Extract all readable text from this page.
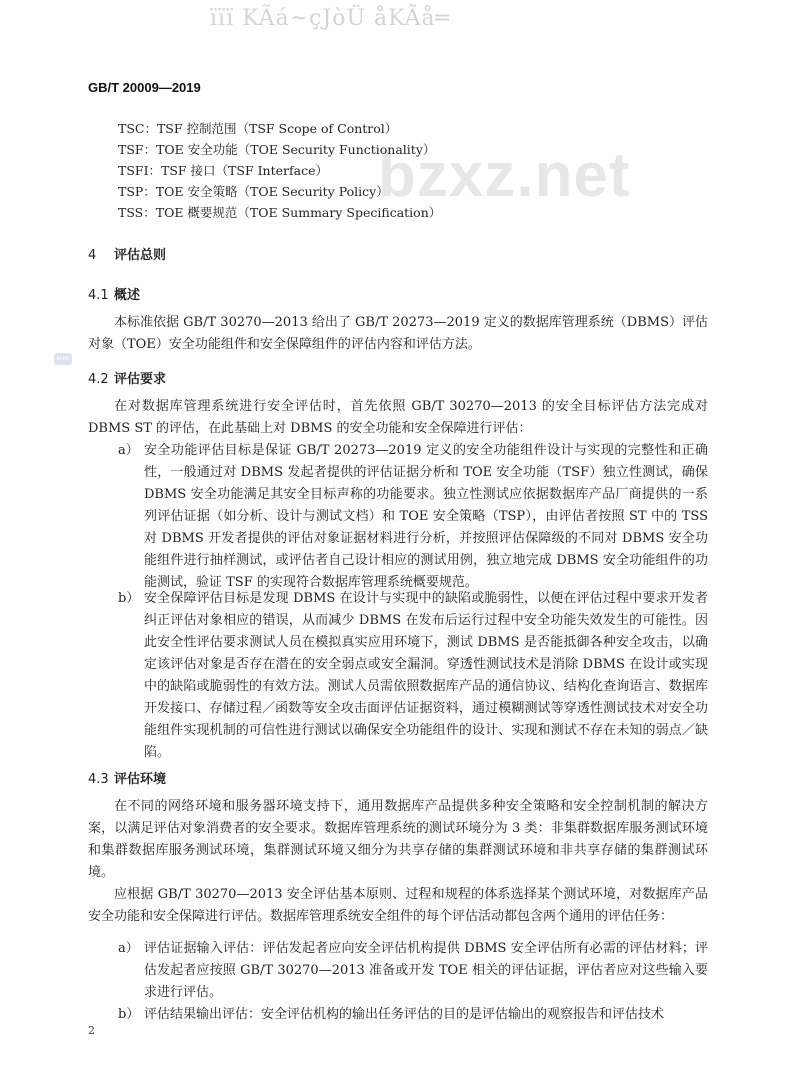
ïïï KÃá~çJòÜ åKÃå═
GB/T 20009—2019
bzxz.net
scnc
TSC：TSF 控制范围（TSF Scope of Control）
TSF：TOE 安全功能（TOE Security Functionality）
TSFI：TSF 接口（TSF Interface）
TSP：TOE 安全策略（TOE Security Policy）
TSS：TOE 概要规范（TOE Summary Specification）
4 评估总则
4.1 概述
本标准依据 GB/T 30270—2013 给出了 GB/T 20273—2019 定义的数据库管理系统（DBMS）评估对象（TOE）安全功能组件和安全保障组件的评估内容和评估方法。
4.2 评估要求
在对数据库管理系统进行安全评估时，首先依照 GB/T 30270—2013 的安全目标评估方法完成对 DBMS ST 的评估，在此基础上对 DBMS 的安全功能和安全保障进行评估：
a） 安全功能评估目标是保证 GB/T 20273—2019 定义的安全功能组件设计与实现的完整性和正确性，一般通过对 DBMS 发起者提供的评估证据分析和 TOE 安全功能（TSF）独立性测试，确保 DBMS 安全功能满足其安全目标声称的功能要求。独立性测试应依据数据库产品厂商提供的一系列评估证据（如分析、设计与测试文档）和 TOE 安全策略（TSP），由评估者按照 ST 中的 TSS 对 DBMS 开发者提供的评估对象证据材料进行分析，并按照评估保障级的不同对 DBMS 安全功能组件进行抽样测试，或评估者自己设计相应的测试用例，独立地完成 DBMS 安全功能组件的功能测试，验证 TSF 的实现符合数据库管理系统概要规范。
b） 安全保障评估目标是发现 DBMS 在设计与实现中的缺陷或脆弱性，以便在评估过程中要求开发者纠正评估对象相应的错误，从而减少 DBMS 在发布后运行过程中安全功能失效发生的可能性。因此安全性评估要求测试人员在模拟真实应用环境下，测试 DBMS 是否能抵御各种安全攻击，以确定该评估对象是否存在潜在的安全弱点或安全漏洞。穿透性测试技术是消除 DBMS 在设计或实现中的缺陷或脆弱性的有效方法。测试人员需依照数据库产品的通信协议、结构化查询语言、数据库开发接口、存储过程／函数等安全攻击面评估证据资料，通过模糊测试等穿透性测试技术对安全功能组件实现机制的可信性进行测试以确保安全功能组件的设计、实现和测试不存在未知的弱点／缺陷。
4.3 评估环境
在不同的网络环境和服务器环境支持下，通用数据库产品提供多种安全策略和安全控制机制的解决方案，以满足评估对象消费者的安全要求。数据库管理系统的测试环境分为 3 类：非集群数据库服务测试环境和集群数据库服务测试环境，集群测试环境又细分为共享存储的集群测试环境和非共享存储的集群测试环境。
应根据 GB/T 30270—2013 安全评估基本原则、过程和规程的体系选择某个测试环境，对数据库产品安全功能和安全保障进行评估。数据库管理系统安全组件的每个评估活动都包含两个通用的评估任务：
a） 评估证据输入评估：评估发起者应向安全评估机构提供 DBMS 安全评估所有必需的评估材料；评估发起者应按照 GB/T 30270—2013 准备或开发 TOE 相关的评估证据，评估者应对这些输入要求进行评估。
b） 评估结果输出评估：安全评估机构的输出任务评估的目的是评估输出的观察报告和评估技术
2
